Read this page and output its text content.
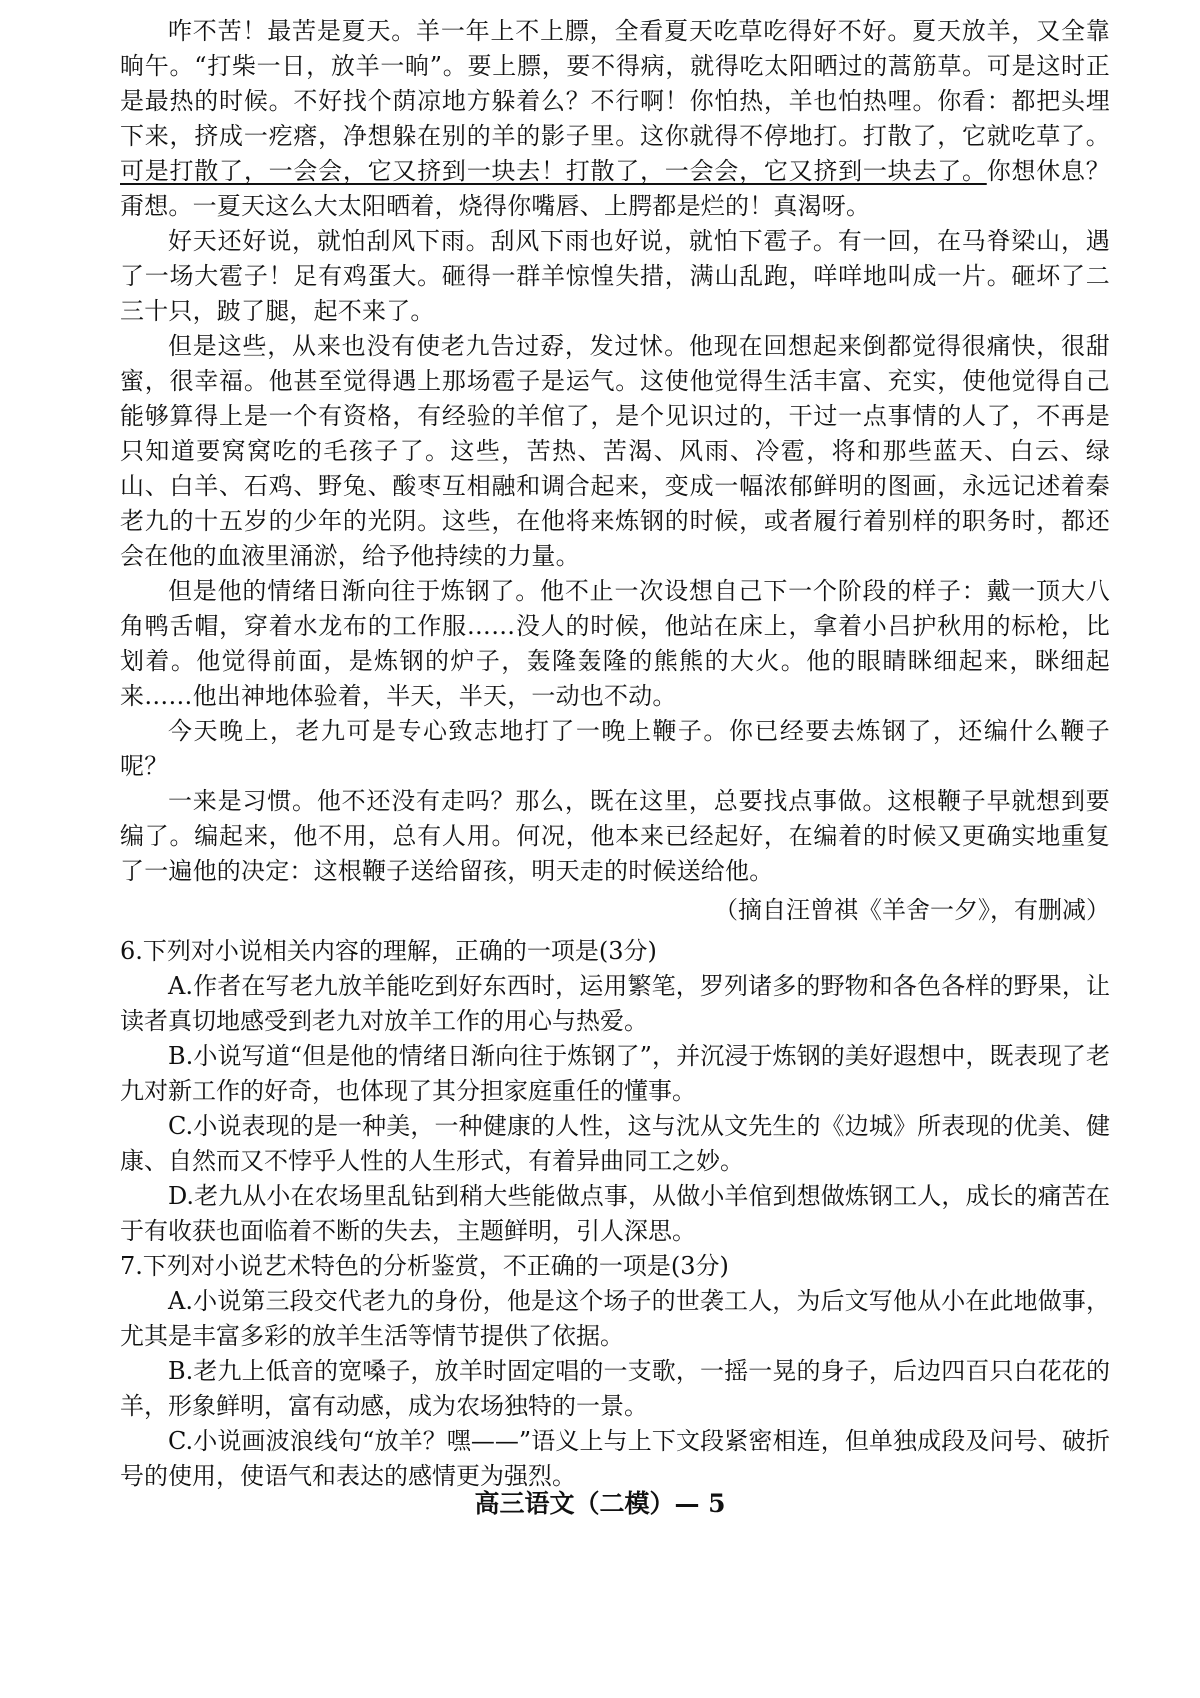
咋不苦！最苦是夏天。羊一年上不上膘，全看夏天吃草吃得好不好。夏天放羊，又全靠晌午。“打柴一日，放羊一晌”。要上膘，要不得病，就得吃太阳晒过的蒿筋草。可是这时正是最热的时候。不好找个荫凉地方躲着么？不行啊！你怕热，羊也怕热哩。你看：都把头埋下来，挤成一疙瘩，净想躲在别的羊的影子里。这你就得不停地打。打散了，它就吃草了。可是打散了，一会会，它又挤到一块去！打散了，一会会，它又挤到一块去了。你想休息？甭想。一夏天这么大太阳晒着，烧得你嘴唇、上腭都是烂的！真渴呀。

好天还好说，就怕刮风下雨。刮风下雨也好说，就怕下雹子。有一回，在马脊梁山，遇了一场大雹子！足有鸡蛋大。砸得一群羊惊惶失措，满山乱跑，咩咩地叫成一片。砸坏了二三十只，跛了腿，起不来了。

但是这些，从来也没有使老九告过孬，发过怵。他现在回想起来倒都觉得很痛快，很甜蜜，很幸福。他甚至觉得遇上那场雹子是运气。这使他觉得生活丰富、充实，使他觉得自己能够算得上是一个有资格，有经验的羊倌了，是个见识过的，干过一点事情的人了，不再是只知道要窝窝吃的毛孩子了。这些，苦热、苦渴、风雨、冷雹，将和那些蓝天、白云、绿山、白羊、石鸡、野兔、酸枣互相融和调合起来，变成一幅浓郁鲜明的图画，永远记述着秦老九的十五岁的少年的光阴。这些，在他将来炼钢的时候，或者履行着别样的职务时，都还会在他的血液里涌淤，给予他持续的力量。

但是他的情绪日渐向往于炼钢了。他不止一次设想自己下一个阶段的样子：戴一顶大八角鸭舌帽，穿着水龙布的工作服……没人的时候，他站在床上，拿着小吕护秋用的标枪，比划着。他觉得前面，是炼钢的炉子，轰隆轰隆的熊熊的大火。他的眼睛眯细起来，眯细起来……他出神地体验着，半天，半天，一动也不动。

今天晚上，老九可是专心致志地打了一晚上鞭子。你已经要去炼钢了，还编什么鞭子呢？

一来是习惯。他不还没有走吗？那么，既在这里，总要找点事做。这根鞭子早就想到要编了。编起来，他不用，总有人用。何况，他本来已经起好，在编着的时候又更确实地重复了一遍他的决定：这根鞭子送给留孩，明天走的时候送给他。

（摘自汪曾祺《羊舍一夕》，有删减）

6.下列对小说相关内容的理解，正确的一项是(3分)

A.作者在写老九放羊能吃到好东西时，运用繁笔，罗列诸多的野物和各色各样的野果，让读者真切地感受到老九对放羊工作的用心与热爱。

B.小说写道“但是他的情绪日渐向往于炼钢了”，并沉浸于炼钢的美好遐想中，既表现了老九对新工作的好奇，也体现了其分担家庭重任的懂事。

C.小说表现的是一种美，一种健康的人性，这与沈从文先生的《边城》所表现的优美、健康、自然而又不悖乎人性的人生形式，有着异曲同工之妙。

D.老九从小在农场里乱钻到稍大些能做点事，从做小羊倌到想做炼钢工人，成长的痛苦在于有收获也面临着不断的失去，主题鲜明，引人深思。

7.下列对小说艺术特色的分析鉴赏，不正确的一项是(3分)

A.小说第三段交代老九的身份，他是这个场子的世袭工人，为后文写他从小在此地做事，尤其是丰富多彩的放羊生活等情节提供了依据。

B.老九上低音的宽嗓子，放羊时固定唱的一支歌，一摇一晃的身子，后边四百只白花花的羊，形象鲜明，富有动感，成为农场独特的一景。

C.小说画波浪线句“放羊？嘿——”语义上与上下文段紧密相连，但单独成段及问号、破折号的使用，使语气和表达的感情更为强烈。

高三语文（二模）— 5
